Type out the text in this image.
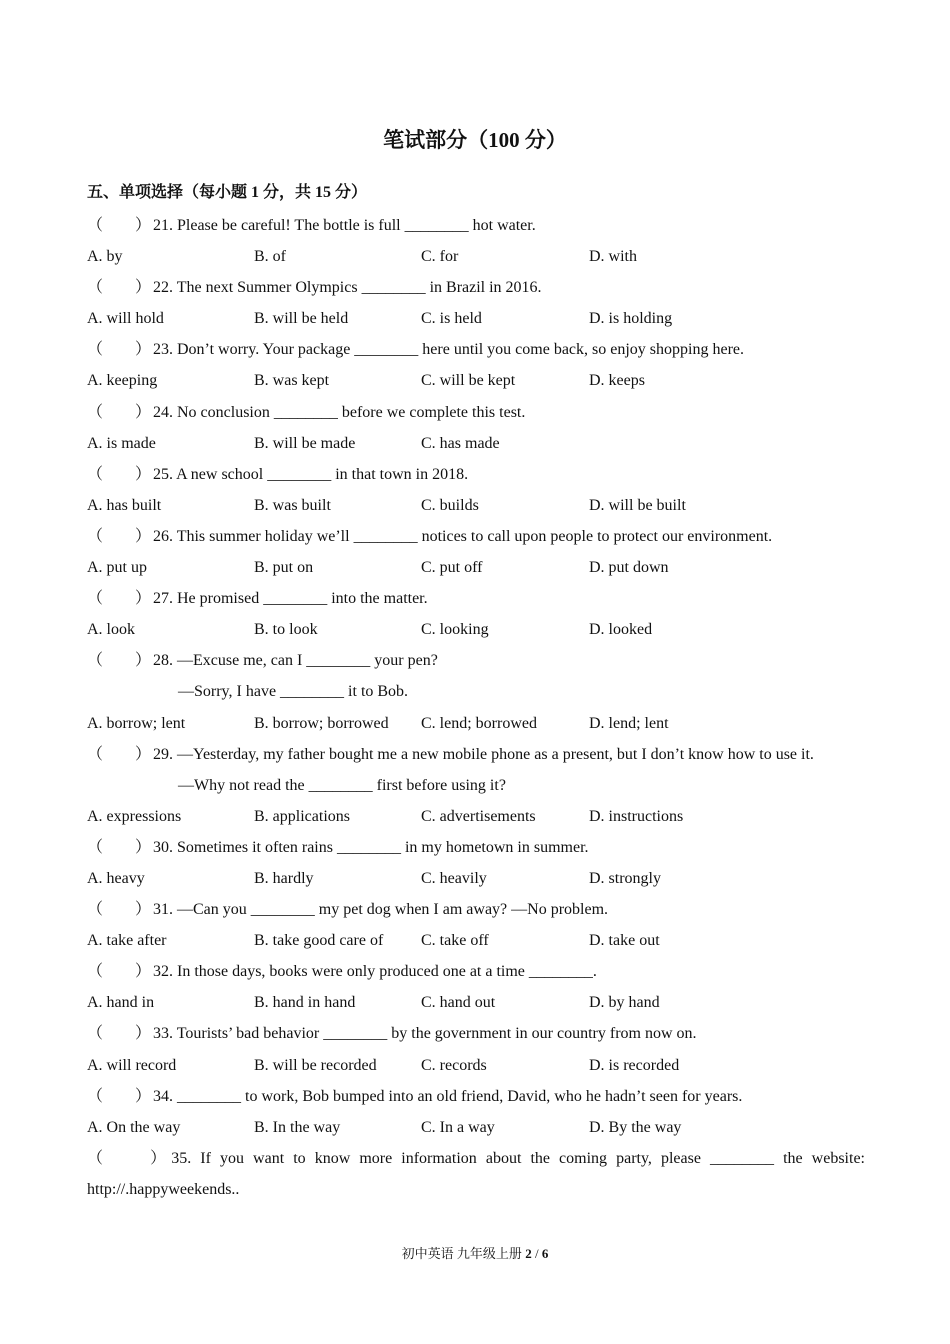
笔试部分（100 分）
五、单项选择（每小题 1 分，共 15 分）
（　　） 21. Please be careful! The bottle is full ________ hot water.
A. by	B. of	C. for	D. with
（　　） 22. The next Summer Olympics ________ in Brazil in 2016.
A. will hold	B. will be held	C. is held	D. is holding
（　　） 23. Don’t worry. Your package ________ here until you come back, so enjoy shopping here.
A. keeping	B. was kept	C. will be kept	D. keeps
（　　） 24. No conclusion ________ before we complete this test.
A. is made	B. will be made	C. has made
（　　） 25. A new school ________ in that town in 2018.
A. has built	B. was built	C. builds	D. will be built
（　　） 26. This summer holiday we’ll ________ notices to call upon people to protect our environment.
A. put up	B. put on	C. put off	D. put down
（　　） 27. He promised ________ into the matter.
A. look	B. to look	C. looking	D. looked
（　　） 28. —Excuse me, can I ________ your pen?
—Sorry, I have ________ it to Bob.
A. borrow; lent	B. borrow; borrowed C. lend; borrowed	D. lend; lent
（　　） 29. —Yesterday, my father bought me a new mobile phone as a present, but I don’t know how to use it.
—Why not read the ________ first before using it?
A. expressions	B. applications	C. advertisements	D. instructions
（　　） 30. Sometimes it often rains ________ in my hometown in summer.
A. heavy	B. hardly	C. heavily	D. strongly
（　　） 31. —Can you ________ my pet dog when I am away? —No problem.
A. take after	B. take good care of C. take off	D. take out
（　　） 32. In those days, books were only produced one at a time ________.
A. hand in	B. hand in hand	C. hand out	D. by hand
（　　） 33. Tourists’ bad behavior ________ by the government in our country from now on.
A. will record	B. will be recorded	C. records	D. is recorded
（　　） 34. ________ to work, Bob bumped into an old friend, David, who he hadn’t seen for years.
A. On the way	B. In the way	C. In a way	D. By the way
（　　）35. If you want to know more information about the coming party, please ________ the website:
http://.happyweekends..
初中英语 九年级上册 2 / 6
